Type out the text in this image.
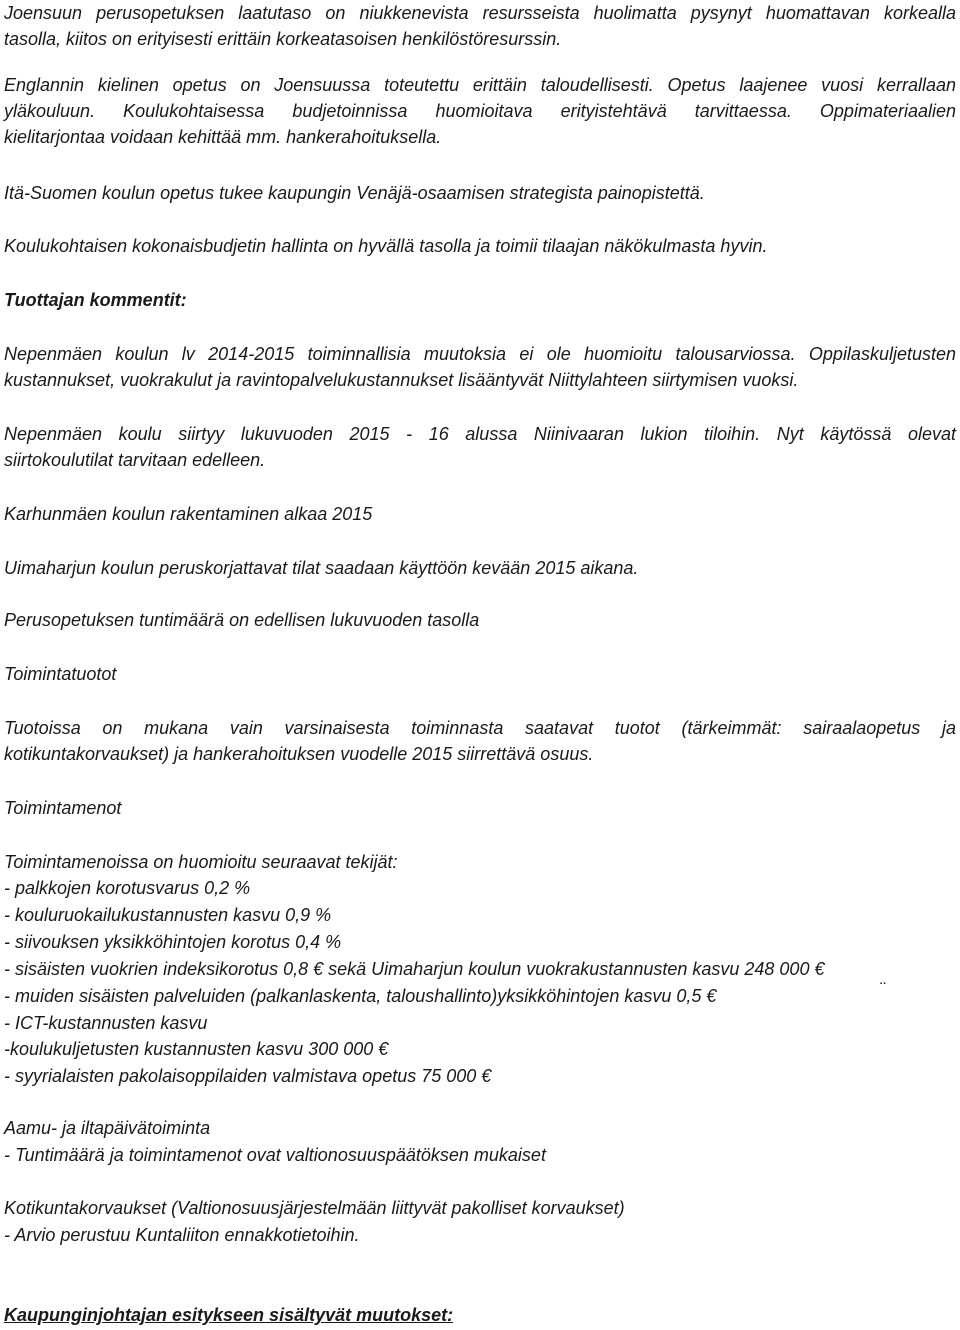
Joensuun perusopetuksen laatutaso on niukkenevista resursseista huolimatta pysynyt huomattavan korkealla
tasolla, kiitos on erityisesti erittäin korkeatasoisen henkilöstöresurssin.
Englannin kielinen opetus on Joensuussa toteutettu erittäin taloudellisesti. Opetus laajenee vuosi kerrallaan
yläkouluun. Koulukohtaisessa budjetoinnissa huomioitava erityistehtävä tarvittaessa. Oppimateriaalien
kielitarjontaa voidaan kehittää mm. hankerahoituksella.
Itä-Suomen koulun opetus tukee kaupungin Venäjä-osaamisen strategista painopistettä.
Koulukohtaisen kokonaisbudjetin hallinta on hyvällä tasolla ja toimii tilaajan näkökulmasta hyvin.
Tuottajan kommentit:
Nepenmäen koulun lv 2014-2015 toiminnallisia muutoksia ei ole huomioitu talousarviossa. Oppilaskuljetusten
kustannukset, vuokrakulut ja ravintopalvelukustannukset lisääntyvät Niittylahteen siirtymisen vuoksi.
Nepenmäen koulu siirtyy lukuvuoden 2015 - 16 alussa Niinivaaran lukion tiloihin. Nyt käytössä olevat
siirtokoulutilat tarvitaan edelleen.
Karhunmäen koulun rakentaminen alkaa 2015
Uimaharjun koulun peruskorjattavat tilat saadaan käyttöön kevään 2015 aikana.
Perusopetuksen tuntimäärä on edellisen lukuvuoden tasolla
Toimintatuotot
Tuotoissa on mukana vain varsinaisesta toiminnasta saatavat tuotot (tärkeimmät: sairaalaopetus ja
kotikuntakorvaukset) ja hankerahoituksen vuodelle 2015 siirrettävä osuus.
Toimintamenot
Toimintamenoissa on huomioitu seuraavat tekijät:
- palkkojen korotusvarus 0,2 %
- kouluruokailukustannusten kasvu 0,9 %
- siivouksen yksikköhintojen korotus 0,4 %
- sisäisten vuokrien indeksikorotus 0,8 € sekä Uimaharjun koulun vuokrakustannusten kasvu 248 000 €
- muiden sisäisten palveluiden (palkanlaskenta, taloushallinto)yksikköhintojen kasvu 0,5 €
- ICT-kustannusten kasvu
-koulukuljetusten kustannusten kasvu 300 000 €
- syyrialaisten pakolaisoppilaiden valmistava opetus 75 000 €
Aamu- ja iltapäivätoiminta
- Tuntimäärä ja toimintamenot ovat valtionosuuspäätöksen mukaiset
Kotikuntakorvaukset (Valtionosuusjärjestelmään liittyvät pakolliset korvaukset)
- Arvio perustuu Kuntaliiton ennakkotietoihin.
Kaupunginjohtajan esitykseen sisältyvät muutokset:
¨
